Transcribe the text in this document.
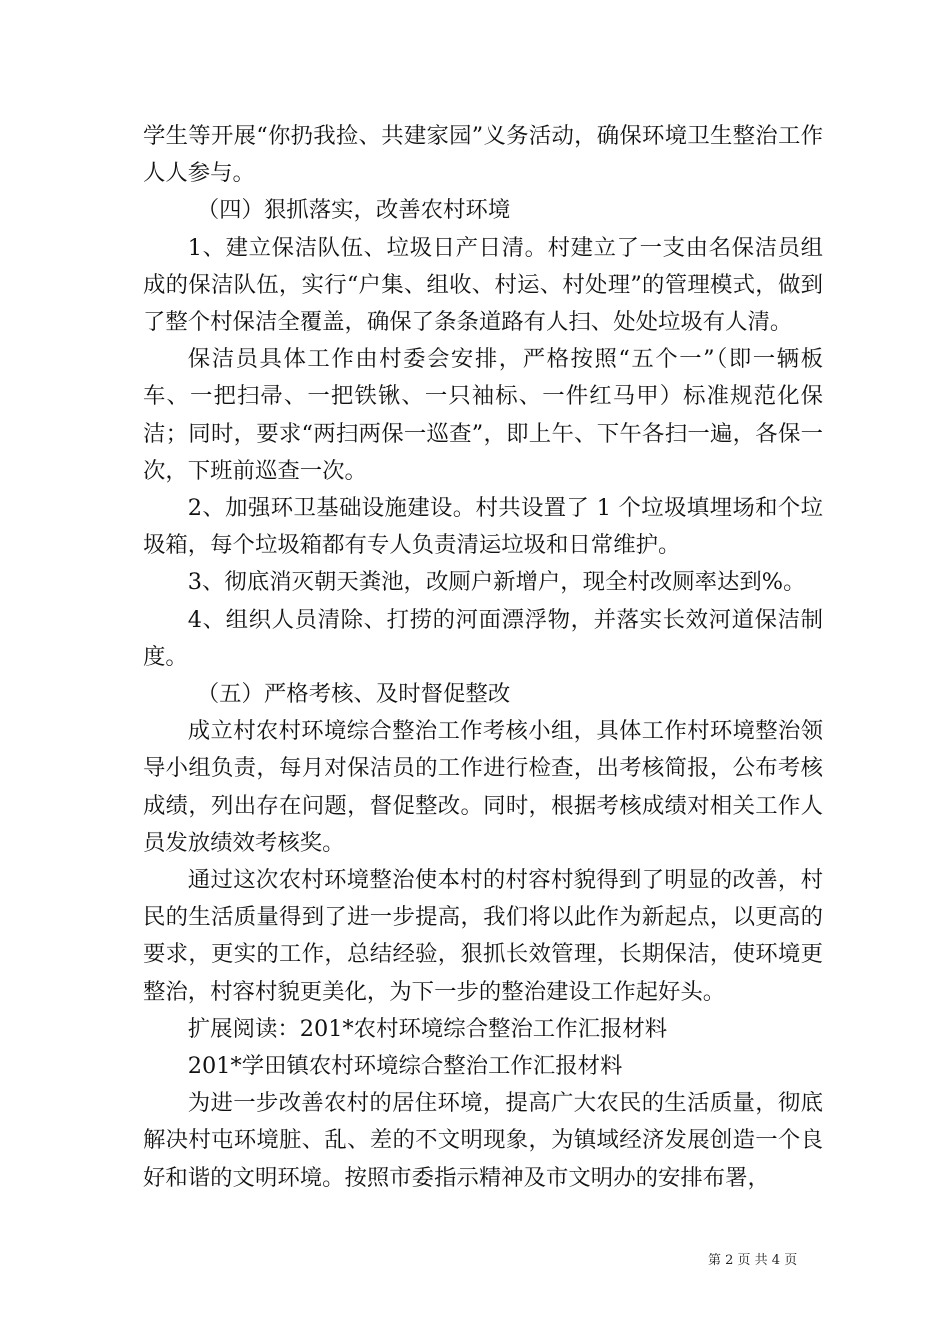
学生等开展“你扔我捡、共建家园”义务活动，确保环境卫生整治工作人人参与。

（四）狠抓落实，改善农村环境

1、建立保洁队伍、垃圾日产日清。村建立了一支由名保洁员组成的保洁队伍，实行“户集、组收、村运、村处理”的管理模式，做到了整个村保洁全覆盖，确保了条条道路有人扫、处处垃圾有人清。

保洁员具体工作由村委会安排，严格按照“五个一”（即一辆板车、一把扫帚、一把铁锹、一只袖标、一件红马甲）标准规范化保洁；同时，要求“两扫两保一巡查”，即上午、下午各扫一遍，各保一次，下班前巡查一次。

2、加强环卫基础设施建设。村共设置了 1 个垃圾填埋场和个垃圾箱，每个垃圾箱都有专人负责清运垃圾和日常维护。

3、彻底消灭朝天粪池，改厕户新增户，现全村改厕率达到%。

4、组织人员清除、打捞的河面漂浮物，并落实长效河道保洁制度。

（五）严格考核、及时督促整改

成立村农村环境综合整治工作考核小组，具体工作村环境整治领导小组负责，每月对保洁员的工作进行检查，出考核简报，公布考核成绩，列出存在问题，督促整改。同时，根据考核成绩对相关工作人员发放绩效考核奖。

通过这次农村环境整治使本村的村容村貌得到了明显的改善，村民的生活质量得到了进一步提高，我们将以此作为新起点，以更高的要求，更实的工作，总结经验，狠抓长效管理，长期保洁，使环境更整治，村容村貌更美化，为下一步的整治建设工作起好头。

扩展阅读：201*农村环境综合整治工作汇报材料

201*学田镇农村环境综合整治工作汇报材料

为进一步改善农村的居住环境，提高广大农民的生活质量，彻底解决村屯环境脏、乱、差的不文明现象，为镇域经济发展创造一个良好和谐的文明环境。按照市委指示精神及市文明办的安排布署，

第 2 页 共 4 页
